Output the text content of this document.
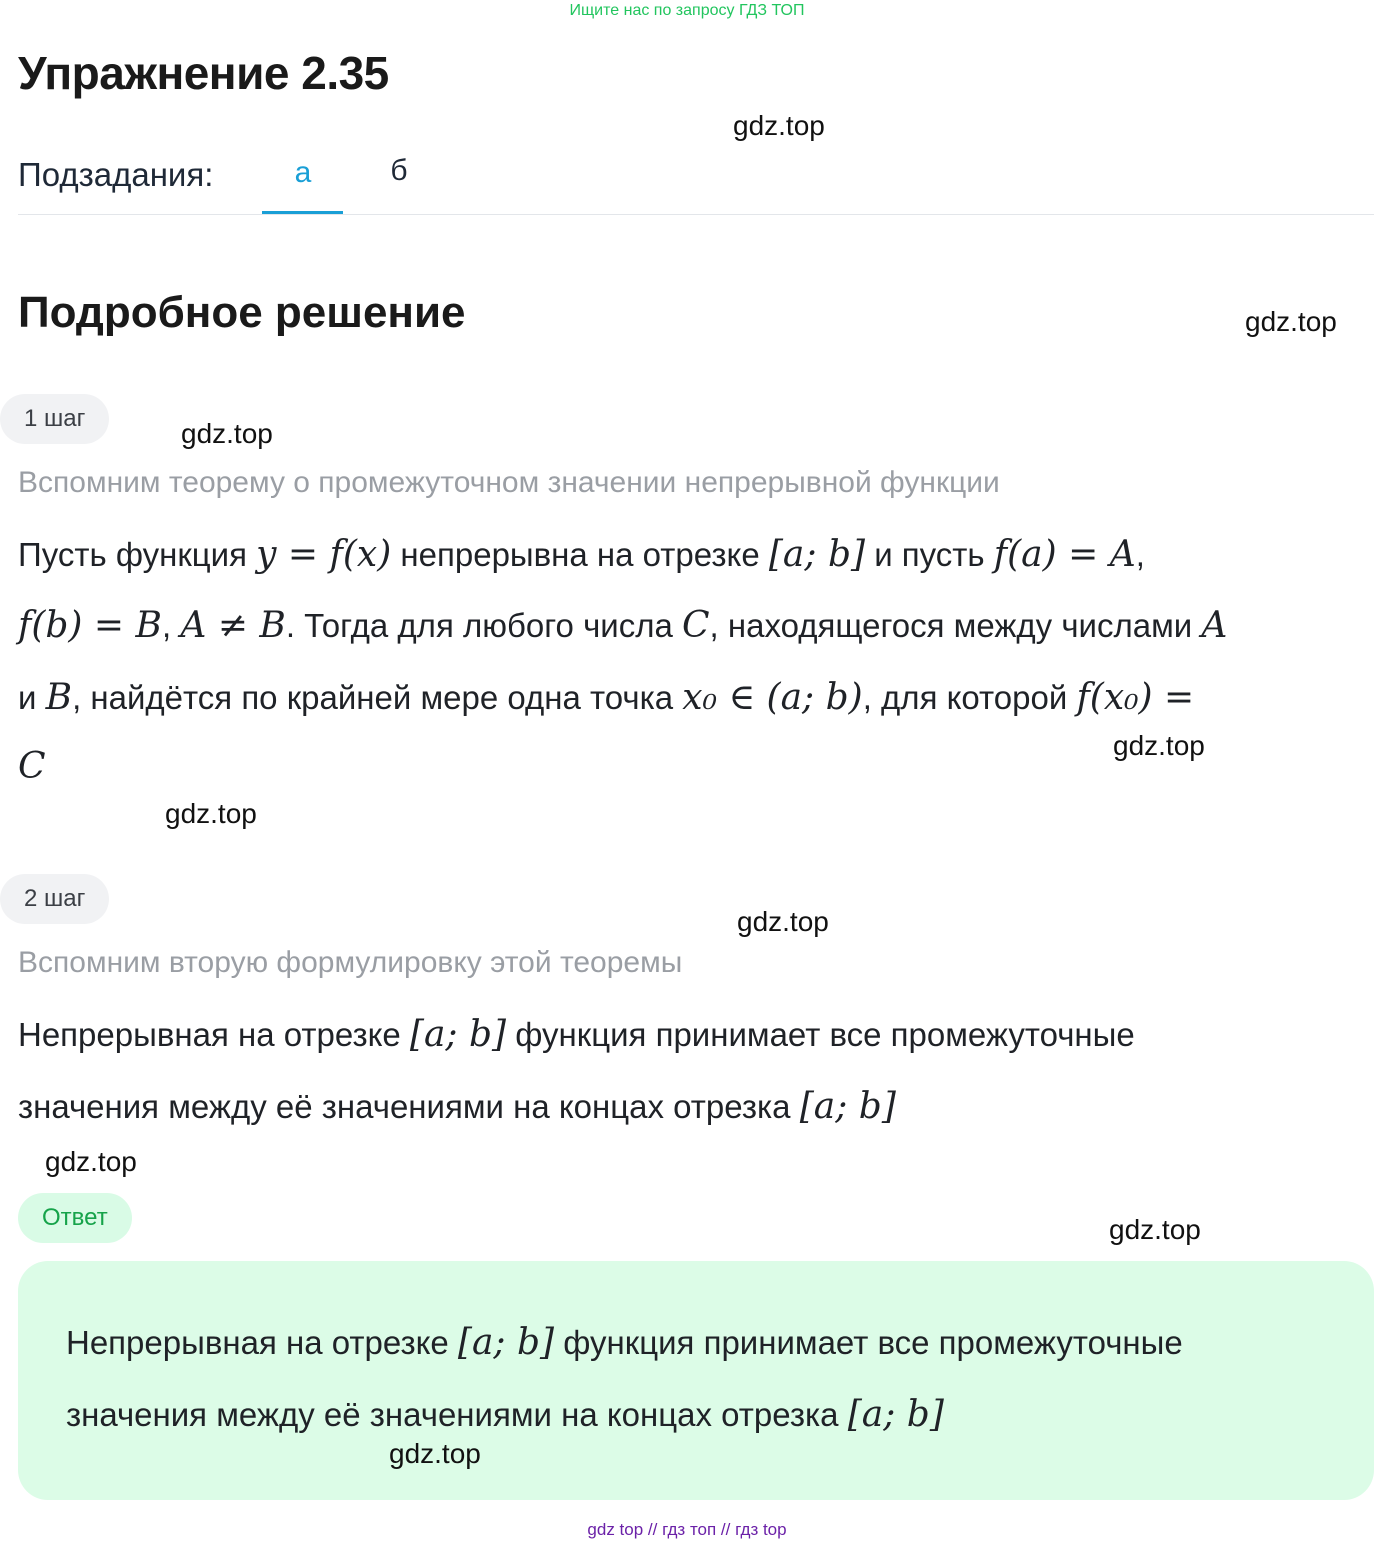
Ищите нас по запросу ГДЗ ТОП
Упражнение 2.35
Подзадания:	а	б
Подробное решение
1 шаг
Вспомним теорему о промежуточном значении непрерывной функции
Пусть функция y = f(x) непрерывна на отрезке [a; b] и пусть f(a) = A,
f(b) = B, A ≠ B. Тогда для любого числа C, находящегося между числами A
и B, найдётся по крайней мере одна точка x₀ ∈ (a; b), для которой f(x₀) =
C
2 шаг
Вспомним вторую формулировку этой теоремы
Непрерывная на отрезке [a; b] функция принимает все промежуточные
значения между её значениями на концах отрезка [a; b]
Ответ
Непрерывная на отрезке [a; b] функция принимает все промежуточные
значения между её значениями на концах отрезка [a; b]
gdz.top
gdz.top
gdz.top
gdz.top
gdz.top
gdz.top
gdz.top
gdz.top
gdz.top
gdz top // гдз топ // гдз top
